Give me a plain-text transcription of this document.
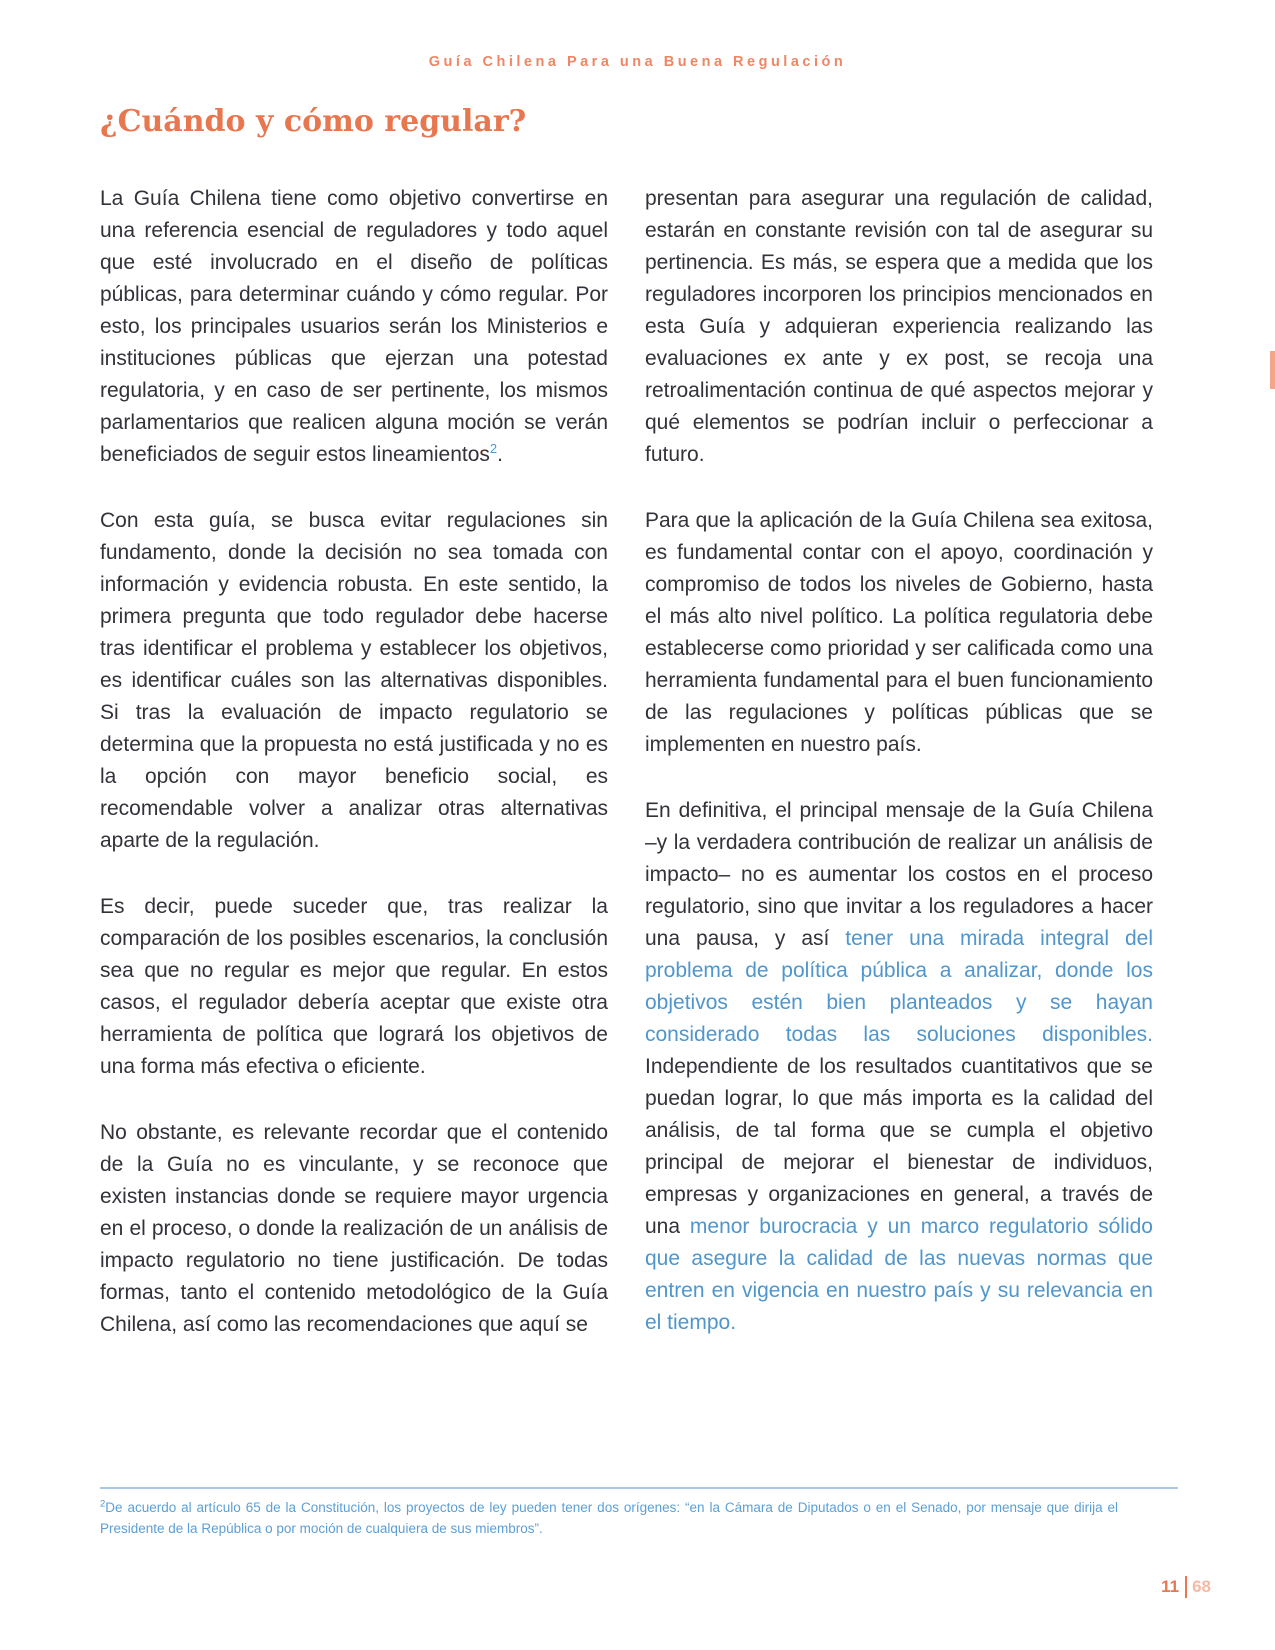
Guía Chilena Para una Buena Regulación
¿Cuándo y cómo regular?

La Guía Chilena tiene como objetivo convertirse en una referencia esencial de reguladores y todo aquel que esté involucrado en el diseño de políticas públicas, para determinar cuándo y cómo regular. Por esto, los principales usuarios serán los Ministerios e instituciones públicas que ejerzan una potestad regulatoria, y en caso de ser pertinente, los mismos parlamentarios que realicen alguna moción se verán beneficiados de seguir estos lineamientos$^2$.

Con esta guía, se busca evitar regulaciones sin fundamento, donde la decisión no sea tomada con información y evidencia robusta. En este sentido, la primera pregunta que todo regulador debe hacerse tras identificar el problema y establecer los objetivos, es identificar cuáles son las alternativas disponibles. Si tras la evaluación de impacto regulatorio se determina que la propuesta no está justificada y no es la opción con mayor beneficio social, es recomendable volver a analizar otras alternativas aparte de la regulación.

Es decir, puede suceder que, tras realizar la comparación de los posibles escenarios, la conclusión sea que no regular es mejor que regular. En estos casos, el regulador debería aceptar que existe otra herramienta de política que logrará los objetivos de una forma más efectiva o eficiente.

No obstante, es relevante recordar que el contenido de la Guía no es vinculante, y se reconoce que existen instancias donde se requiere mayor urgencia en el proceso, o donde la realización de un análisis de impacto regulatorio no tiene justificación. De todas formas, tanto el contenido metodológico de la Guía Chilena, así como las recomendaciones que aquí se

presentan para asegurar una regulación de calidad, estarán en constante revisión con tal de asegurar su pertinencia. Es más, se espera que a medida que los reguladores incorporen los principios mencionados en esta Guía y adquieran experiencia realizando las evaluaciones ex ante y ex post, se recoja una retroalimentación continua de qué aspectos mejorar y qué elementos se podrían incluir o perfeccionar a futuro.

Para que la aplicación de la Guía Chilena sea exitosa, es fundamental contar con el apoyo, coordinación y compromiso de todos los niveles de Gobierno, hasta el más alto nivel político. La política regulatoria debe establecerse como prioridad y ser calificada como una herramienta fundamental para el buen funcionamiento de las regulaciones y políticas públicas que se implementen en nuestro país.

En definitiva, el principal mensaje de la Guía Chilena –y la verdadera contribución de realizar un análisis de impacto– no es aumentar los costos en el proceso regulatorio, sino que invitar a los reguladores a hacer una pausa, y así tener una mirada integral del problema de política pública a analizar, donde los objetivos estén bien planteados y se hayan considerado todas las soluciones disponibles. Independiente de los resultados cuantitativos que se puedan lograr, lo que más importa es la calidad del análisis, de tal forma que se cumpla el objetivo principal de mejorar el bienestar de individuos, empresas y organizaciones en general, a través de una menor burocracia y un marco regulatorio sólido que asegure la calidad de las nuevas normas que entren en vigencia en nuestro país y su relevancia en el tiempo.

$^2$De acuerdo al artículo 65 de la Constitución, los proyectos de ley pueden tener dos orígenes: “en la Cámara de Diputados o en el Senado, por mensaje que dirija el Presidente de la República o por moción de cualquiera de sus miembros”.

11 68
